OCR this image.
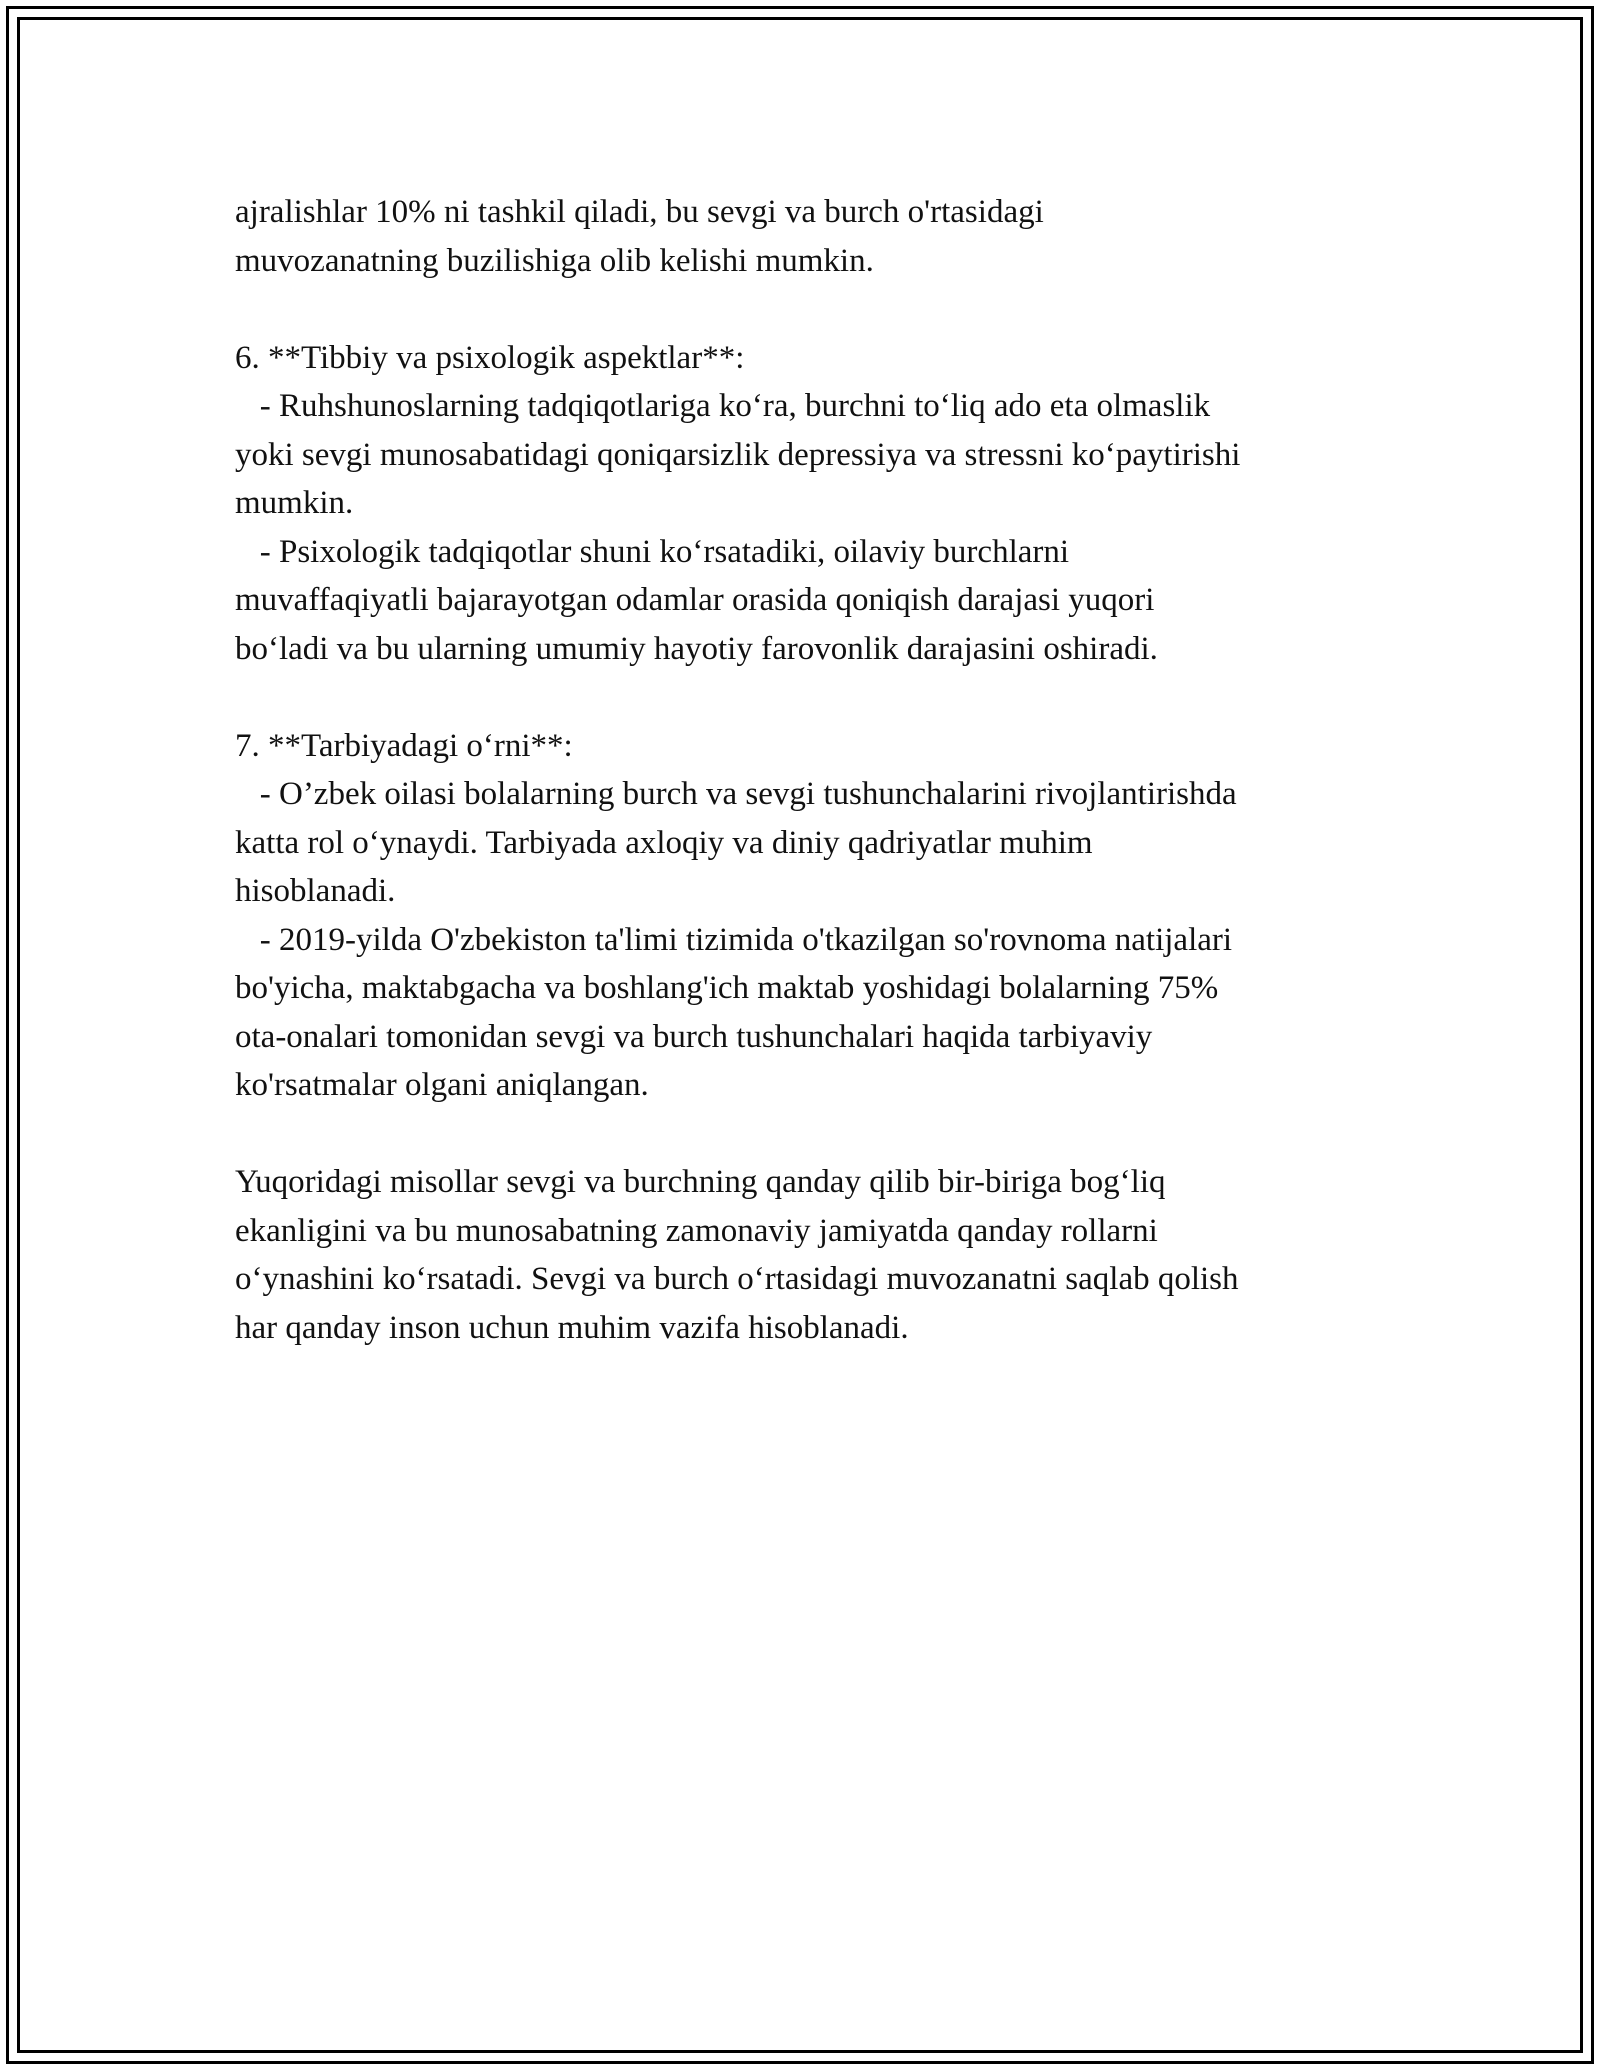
ajralishlar 10% ni tashkil qiladi, bu sevgi va burch o'rtasidagi
muvozanatning buzilishiga olib kelishi mumkin.
6. **Tibbiy va psixologik aspektlar**:
- Ruhshunoslarning tadqiqotlariga ko‘ra, burchni to‘liq ado eta olmaslik
yoki sevgi munosabatidagi qoniqarsizlik depressiya va stressni ko‘paytirishi
mumkin.
- Psixologik tadqiqotlar shuni ko‘rsatadiki, oilaviy burchlarni
muvaffaqiyatli bajarayotgan odamlar orasida qoniqish darajasi yuqori
bo‘ladi va bu ularning umumiy hayotiy farovonlik darajasini oshiradi.
7. **Tarbiyadagi o‘rni**:
- O’zbek oilasi bolalarning burch va sevgi tushunchalarini rivojlantirishda
katta rol o‘ynaydi. Tarbiyada axloqiy va diniy qadriyatlar muhim
hisoblanadi.
- 2019-yilda O'zbekiston ta'limi tizimida o'tkazilgan so'rovnoma natijalari
bo'yicha, maktabgacha va boshlang'ich maktab yoshidagi bolalarning 75%
ota-onalari tomonidan sevgi va burch tushunchalari haqida tarbiyaviy
ko'rsatmalar olgani aniqlangan.
Yuqoridagi misollar sevgi va burchning qanday qilib bir-biriga bog‘liq
ekanligini va bu munosabatning zamonaviy jamiyatda qanday rollarni
o‘ynashini ko‘rsatadi. Sevgi va burch o‘rtasidagi muvozanatni saqlab qolish
har qanday inson uchun muhim vazifa hisoblanadi.
